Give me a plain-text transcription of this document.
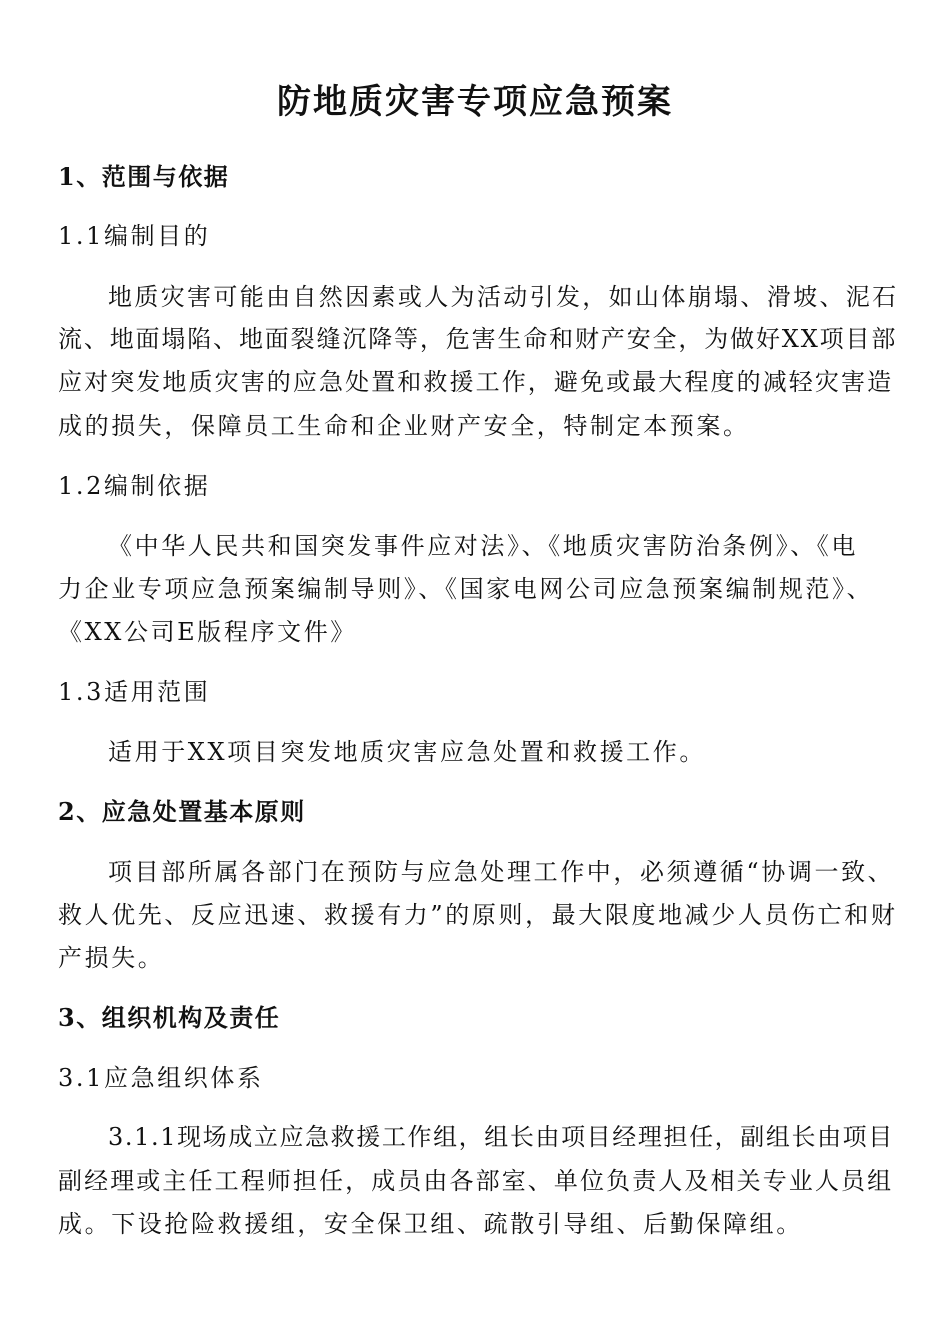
防地质灾害专项应急预案
1、范围与依据
1.1编制目的
地质灾害可能由自然因素或人为活动引发，如山体崩塌、滑坡、泥石
流、地面塌陷、地面裂缝沉降等，危害生命和财产安全，为做好XX项目部
应对突发地质灾害的应急处置和救援工作，避免或最大程度的减轻灾害造
成的损失，保障员工生命和企业财产安全，特制定本预案。
1.2编制依据
《中华人民共和国突发事件应对法》、《地质灾害防治条例》、《电
力企业专项应急预案编制导则》、《国家电网公司应急预案编制规范》、
《XX公司E版程序文件》
1.3适用范围
适用于XX项目突发地质灾害应急处置和救援工作。
2、应急处置基本原则
项目部所属各部门在预防与应急处理工作中，必须遵循“协调一致、
救人优先、反应迅速、救援有力”的原则，最大限度地减少人员伤亡和财
产损失。
3、组织机构及责任
3.1应急组织体系
3.1.1现场成立应急救援工作组，组长由项目经理担任，副组长由项目
副经理或主任工程师担任，成员由各部室、单位负责人及相关专业人员组
成。下设抢险救援组，安全保卫组、疏散引导组、后勤保障组。
